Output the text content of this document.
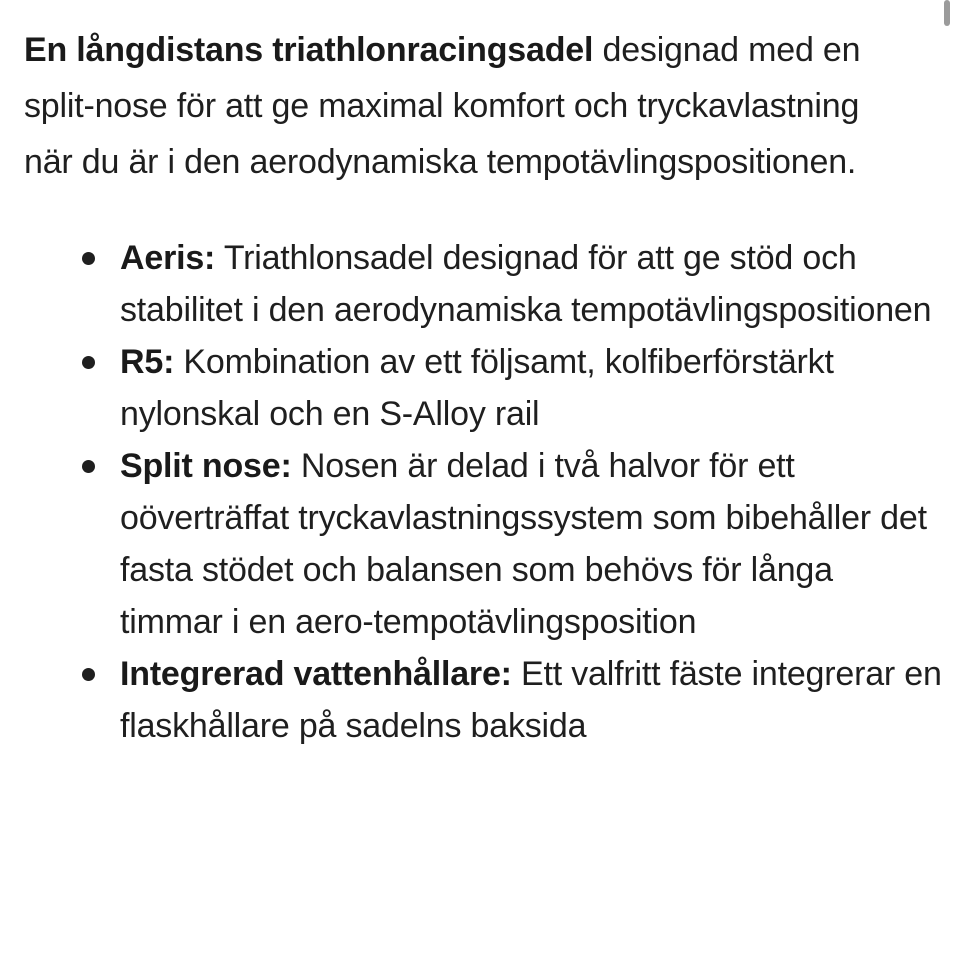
En långdistans triathlonracingsadel designad med en split-nose för att ge maximal komfort och tryckavlastning när du är i den aerodynamiska tempotävlingspositionen.

Aeris: Triathlonsadel designad för att ge stöd och stabilitet i den aerodynamiska tempotävlingspositionen
R5: Kombination av ett följsamt, kolfiberförstärkt nylonskal och en S-Alloy rail
Split nose: Nosen är delad i två halvor för ett oöverträffat tryckavlastningssystem som bibehåller det fasta stödet och balansen som behövs för långa timmar i en aero-tempotävlingsposition
Integrerad vattenhållare: Ett valfritt fäste integrerar en flaskhållare på sadelns baksida
